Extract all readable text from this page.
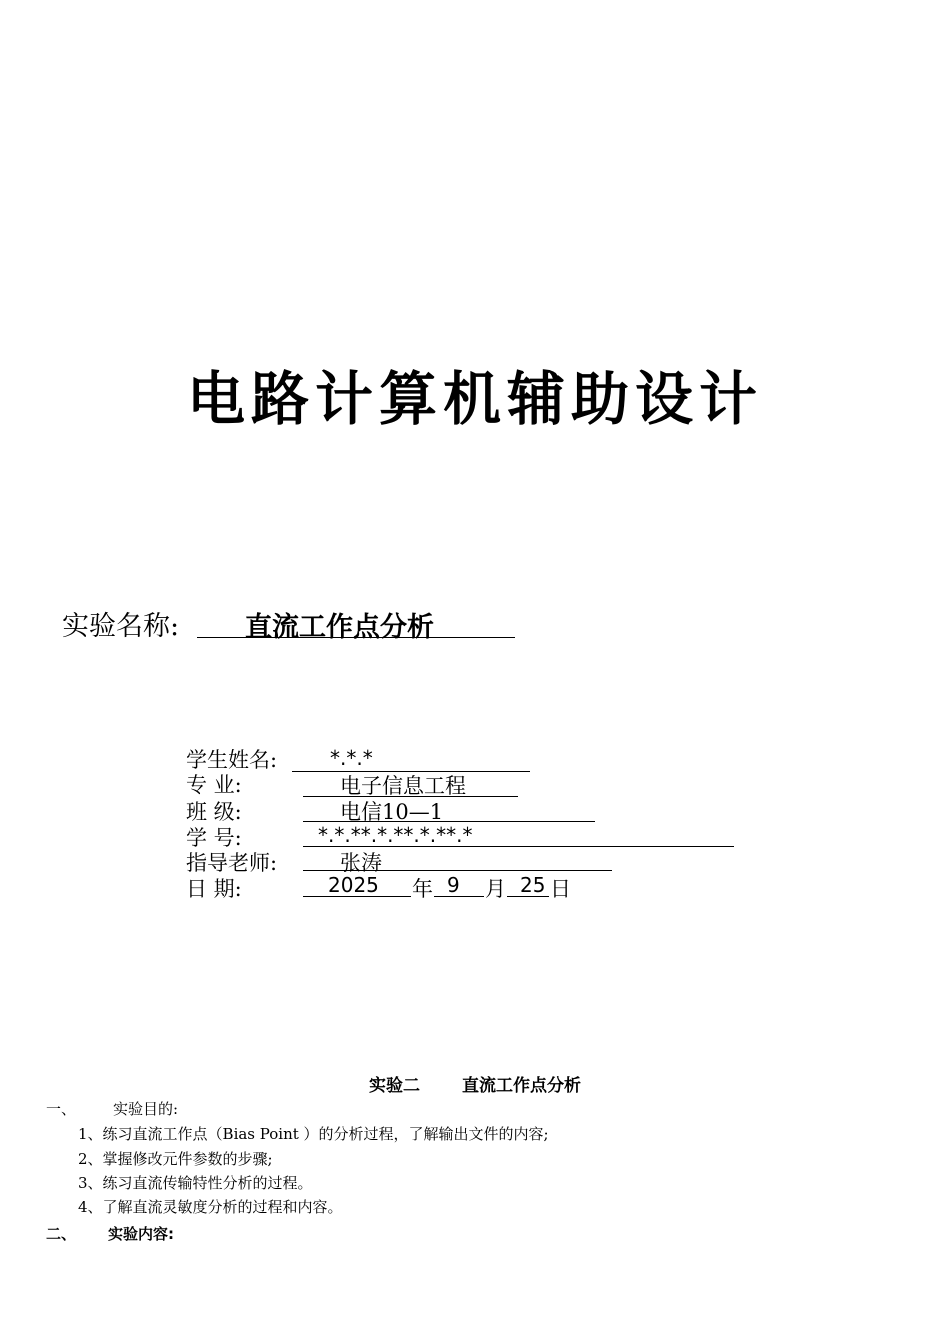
电路计算机辅助设计
实验名称: 直流工作点分析
学生姓名:	*.*.*
专 业:	电子信息工程
班 级:	电信10—1
学 号:	*.*.**.*.**.*.**.*
指导老师:	张涛
日 期:	2025 年 9 月 25 日
实验二 直流工作点分析
一、 实验目的:
1、练习直流工作点（Bias Point ）的分析过程，了解输出文件的内容;
2、掌握修改元件参数的步骤;
3、练习直流传输特性分析的过程。
4、了解直流灵敏度分析的过程和内容。
二、 实验内容:
